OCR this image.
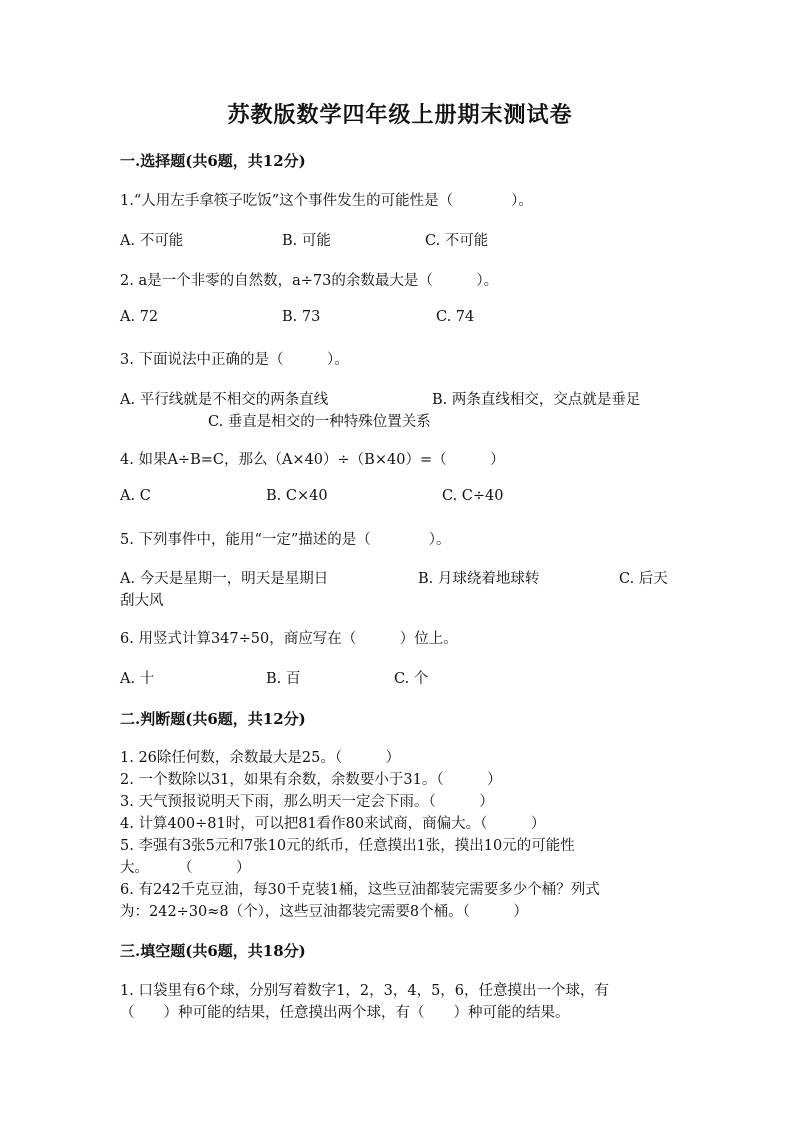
苏教版数学四年级上册期末测试卷
一.选择题(共6题，共12分)
1.“人用左手拿筷子吃饭”这个事件发生的可能性是（　　　　）。
A. 不可能	B. 可能	C. 不可能
2. a是一个非零的自然数，a÷73的余数最大是（　　　）。
A. 72	B. 73	C. 74
3. 下面说法中正确的是（　　　）。
A. 平行线就是不相交的两条直线	B. 两条直线相交，交点就是垂足
C. 垂直是相交的一种特殊位置关系
4. 如果A÷B=C，那么（A×40）÷（B×40）=（　　　）
A. C	B. C×40	C. C÷40
5. 下列事件中，能用“一定”描述的是（　　　　）。
A. 今天是星期一，明天是星期日	B. 月球绕着地球转	C. 后天
刮大风
6. 用竖式计算347÷50，商应写在（　　　）位上。
A. 十	B. 百	C. 个
二.判断题(共6题，共12分)
1. 26除任何数，余数最大是25。（　　　）
2. 一个数除以31，如果有余数，余数要小于31。（　　　）
3. 天气预报说明天下雨，那么明天一定会下雨。（　　　）
4. 计算400÷81时，可以把81看作80来试商，商偏大。（　　　）
5. 李强有3张5元和7张10元的纸币，任意摸出1张，摸出10元的可能性
大。　　　（　　　）
6. 有242千克豆油，每30千克装1桶，这些豆油都装完需要多少个桶？列式
为：242÷30≈8（个），这些豆油都装完需要8个桶。（　　　）
三.填空题(共6题，共18分)
1. 口袋里有6个球，分别写着数字1，2，3，4，5，6，任意摸出一个球，有
（　　）种可能的结果，任意摸出两个球，有（　　）种可能的结果。
